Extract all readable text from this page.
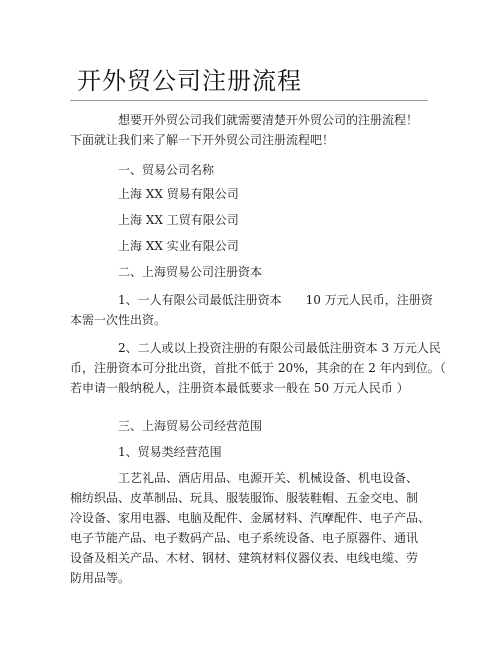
开外贸公司注册流程
想要开外贸公司我们就需要清楚开外贸公司的注册流程！
下面就让我们来了解一下开外贸公司注册流程吧！
一、贸易公司名称
上海 XX 贸易有限公司
上海 XX 工贸有限公司
上海 XX 实业有限公司
二、上海贸易公司注册资本
1、一人有限公司最低注册资本　　10 万元人民币，注册资
本需一次性出资。
2、二人或以上投资注册的有限公司最低注册资本 3 万元人民
币，注册资本可分批出资，首批不低于 20%，其余的在 2 年内到位。（
若申请一般纳税人，注册资本最低要求一般在 50 万元人民币 ）
三、上海贸易公司经营范围
1、贸易类经营范围
工艺礼品、酒店用品、电源开关、机械设备、机电设备、
棉纺织品、皮革制品、玩具、服装服饰、服装鞋帽、五金交电、制
冷设备、家用电器、电脑及配件、金属材料、汽摩配件、电子产品、
电子节能产品、电子数码产品、电子系统设备、电子原器件、通讯
设备及相关产品、木材、钢材、建筑材料仪器仪表、电线电缆、劳
防用品等。
